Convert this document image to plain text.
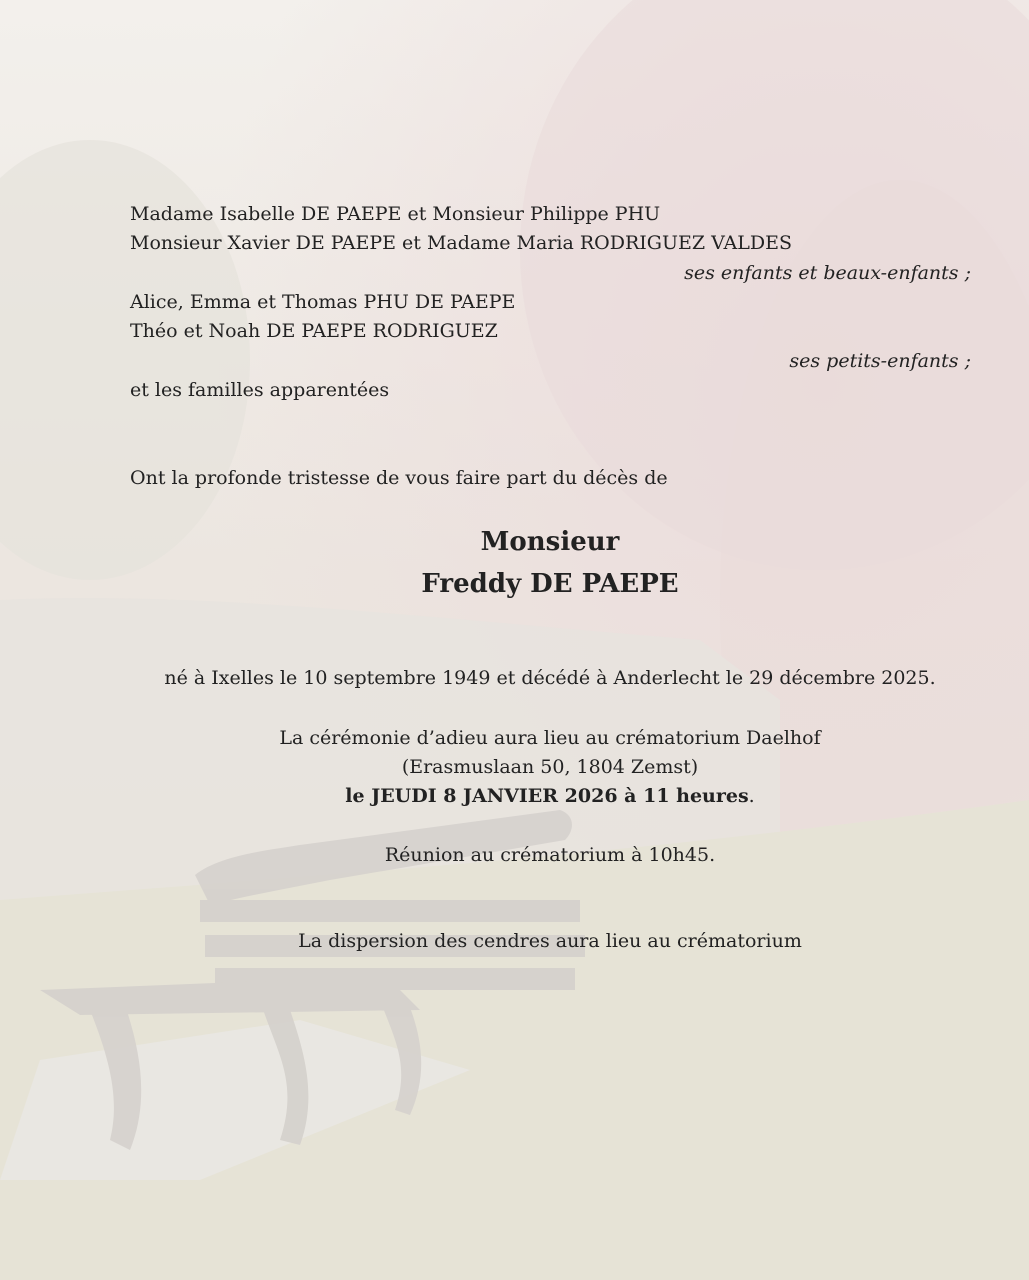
Madame Isabelle DE PAEPE et Monsieur Philippe PHU
Monsieur Xavier DE PAEPE et Madame Maria RODRIGUEZ VALDES
ses enfants et beaux-enfants ;
Alice, Emma et Thomas PHU DE PAEPE
Théo et Noah DE PAEPE RODRIGUEZ
ses petits-enfants ;
et les familles apparentées
Ont la profonde tristesse de vous faire part du décès de
Monsieur
Freddy DE PAEPE
né à Ixelles le 10 septembre 1949 et décédé à Anderlecht le 29 décembre 2025.
La cérémonie d’adieu aura lieu au crématorium Daelhof
(Erasmuslaan 50, 1804 Zemst)
le JEUDI 8 JANVIER 2026 à 11 heures.
Réunion au crématorium à 10h45.
La dispersion des cendres aura lieu au crématorium
